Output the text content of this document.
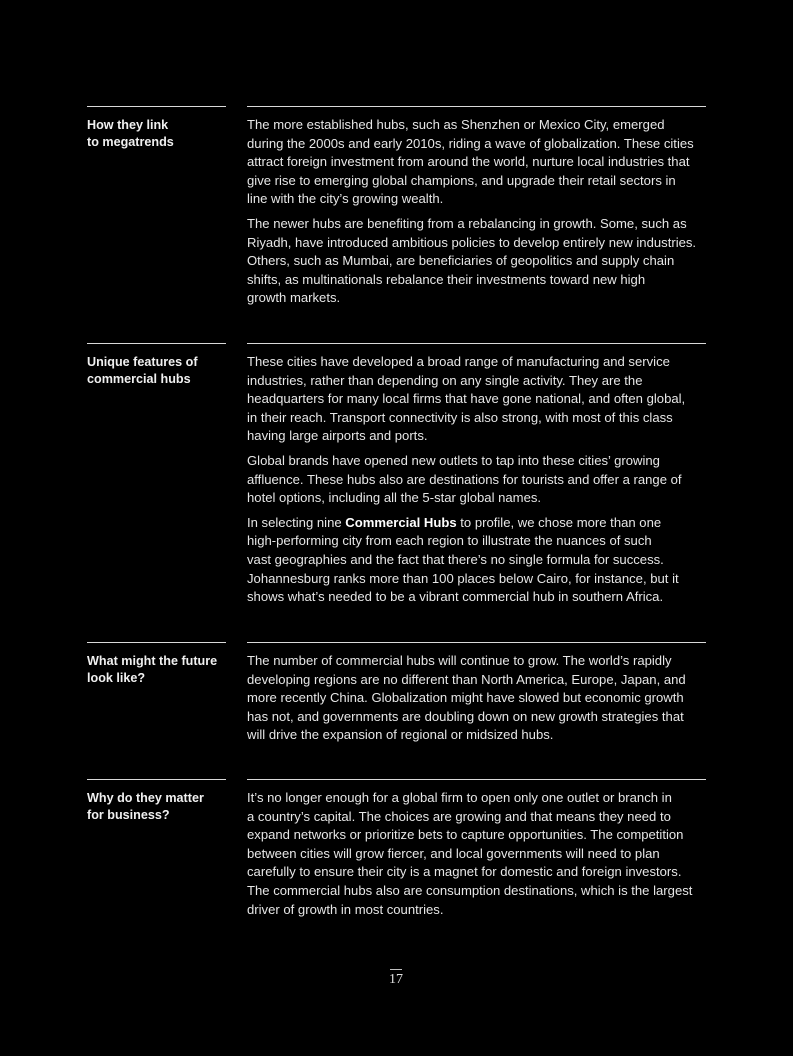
How they link
to megatrends

The more established hubs, such as Shenzhen or Mexico City, emerged
during the 2000s and early 2010s, riding a wave of globalization. These cities
attract foreign investment from around the world, nurture local industries that
give rise to emerging global champions, and upgrade their retail sectors in
line with the city’s growing wealth.

The newer hubs are benefiting from a rebalancing in growth. Some, such as
Riyadh, have introduced ambitious policies to develop entirely new industries.
Others, such as Mumbai, are beneficiaries of geopolitics and supply chain
shifts, as multinationals rebalance their investments toward new high
growth markets.

Unique features of
commercial hubs

These cities have developed a broad range of manufacturing and service
industries, rather than depending on any single activity. They are the
headquarters for many local firms that have gone national, and often global,
in their reach. Transport connectivity is also strong, with most of this class
having large airports and ports.

Global brands have opened new outlets to tap into these cities’ growing
affluence. These hubs also are destinations for tourists and offer a range of
hotel options, including all the 5-star global names.

In selecting nine Commercial Hubs to profile, we chose more than one
high-performing city from each region to illustrate the nuances of such
vast geographies and the fact that there’s no single formula for success.
Johannesburg ranks more than 100 places below Cairo, for instance, but it
shows what’s needed to be a vibrant commercial hub in southern Africa.

What might the future
look like?

The number of commercial hubs will continue to grow. The world’s rapidly
developing regions are no different than North America, Europe, Japan, and
more recently China. Globalization might have slowed but economic growth
has not, and governments are doubling down on new growth strategies that
will drive the expansion of regional or midsized hubs.

Why do they matter
for business?

It’s no longer enough for a global firm to open only one outlet or branch in
a country’s capital. The choices are growing and that means they need to
expand networks or prioritize bets to capture opportunities. The competition
between cities will grow fiercer, and local governments will need to plan
carefully to ensure their city is a magnet for domestic and foreign investors.
The commercial hubs also are consumption destinations, which is the largest
driver of growth in most countries.

17
